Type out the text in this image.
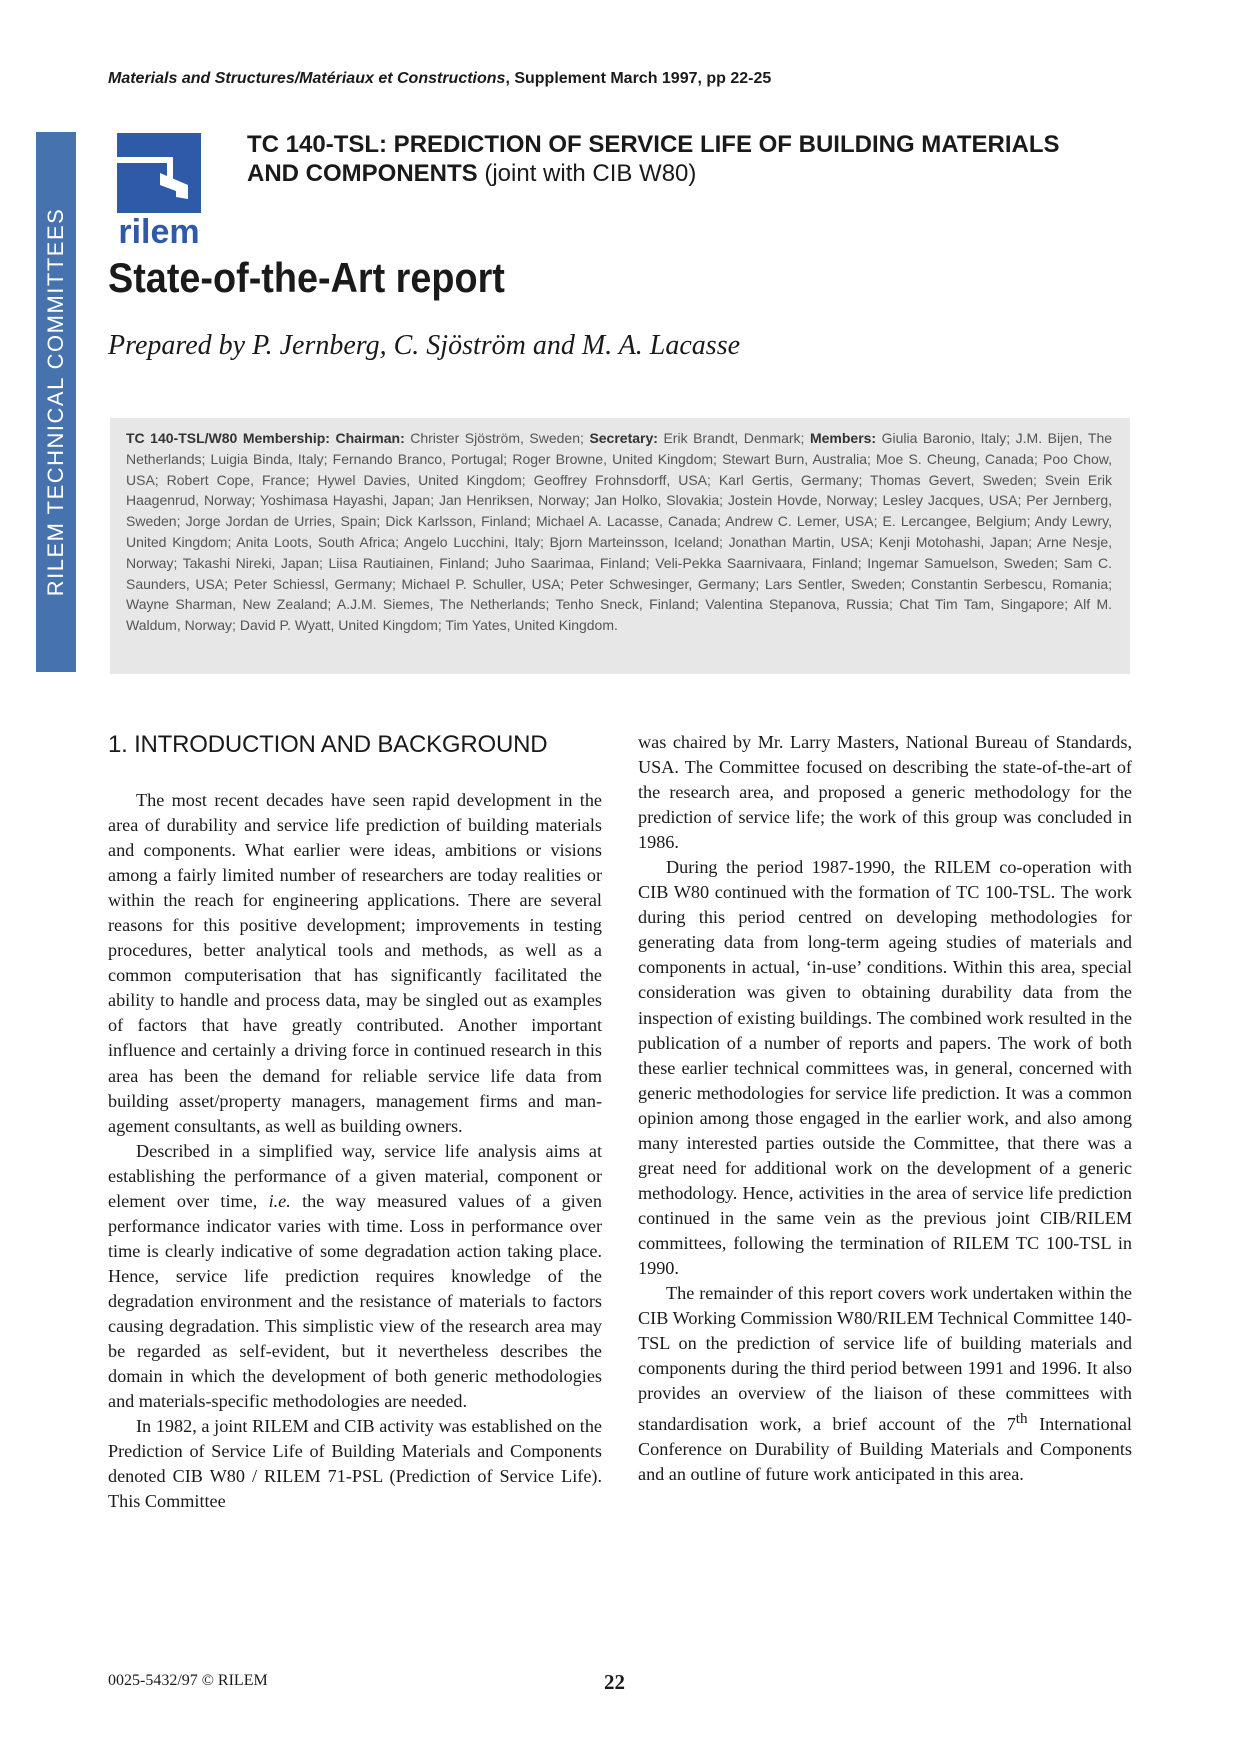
Materials and Structures/Matériaux et Constructions, Supplement March 1997, pp 22-25
RILEM TECHNICAL COMMITTEES rilem
TC 140-TSL: PREDICTION OF SERVICE LIFE OF BUILDING MATERIALS AND COMPONENTS (joint with CIB W80)
State-of-the-Art report
Prepared by P. Jernberg, C. Sjöström and M. A. Lacasse
TC 140-TSL/W80 Membership: Chairman: Christer Sjöström, Sweden; Secretary: Erik Brandt, Denmark; Members: Giulia Baronio, Italy; J.M. Bijen, The Netherlands; Luigia Binda, Italy; Fernando Branco, Portugal; Roger Browne, United Kingdom; Stewart Burn, Australia; Moe S. Cheung, Canada; Poo Chow, USA; Robert Cope, France; Hywel Davies, United Kingdom; Geoffrey Frohnsdorff, USA; Karl Gertis, Germany; Thomas Gevert, Sweden; Svein Erik Haagenrud, Norway; Yoshimasa Hayashi, Japan; Jan Henriksen, Norway; Jan Holko, Slovakia; Jostein Hovde, Norway; Lesley Jacques, USA; Per Jernberg, Sweden; Jorge Jordan de Urries, Spain; Dick Karlsson, Finland; Michael A. Lacasse, Canada; Andrew C. Lemer, USA; E. Lercangee, Belgium; Andy Lewry, United Kingdom; Anita Loots, South Africa; Angelo Lucchini, Italy; Bjorn Marteinsson, Iceland; Jonathan Martin, USA; Kenji Motohashi, Japan; Arne Nesje, Norway; Takashi Nireki, Japan; Liisa Rautiainen, Finland; Juho Saarimaa, Finland; Veli-Pekka Saarnivaara, Finland; Ingemar Samuelson, Sweden; Sam C. Saunders, USA; Peter Schiessl, Germany; Michael P. Schuller, USA; Peter Schwesinger, Germany; Lars Sentler, Sweden; Constantin Serbescu, Romania; Wayne Sharman, New Zealand; A.J.M. Siemes, The Netherlands; Tenho Sneck, Finland; Valentina Stepanova, Russia; Chat Tim Tam, Singapore; Alf M. Waldum, Norway; David P. Wyatt, United Kingdom; Tim Yates, United Kingdom.
1. INTRODUCTION AND BACKGROUND

The most recent decades have seen rapid development in the area of durability and service life prediction of building materials and components. What earlier were ideas, ambitions or visions among a fairly limited number of researchers are today realities or within the reach for engineering applications. There are several reasons for this positive development; improvements in testing procedures, better analytical tools and methods, as well as a common computerisation that has significantly facilitated the ability to handle and process data, may be singled out as examples of factors that have greatly contributed. Another important influence and certainly a driving force in continued research in this area has been the demand for reliable service life data from building asset/property managers, management firms and management consultants, as well as building owners.

Described in a simplified way, service life analysis aims at establishing the performance of a given material, component or element over time, i.e. the way measured values of a given performance indicator varies with time. Loss in performance over time is clearly indicative of some degradation action taking place. Hence, service life prediction requires knowledge of the degradation environment and the resistance of materials to factors causing degradation. This simplistic view of the research area may be regarded as self-evident, but it nevertheless describes the domain in which the development of both generic methodologies and materials-specific methodologies are needed.

In 1982, a joint RILEM and CIB activity was established on the Prediction of Service Life of Building Materials and Components denoted CIB W80 / RILEM 71-PSL (Prediction of Service Life). This Committee

was chaired by Mr. Larry Masters, National Bureau of Standards, USA. The Committee focused on describing the state-of-the-art of the research area, and proposed a generic methodology for the prediction of service life; the work of this group was concluded in 1986.

During the period 1987-1990, the RILEM co-operation with CIB W80 continued with the formation of TC 100-TSL. The work during this period centred on developing methodologies for generating data from long-term ageing studies of materials and components in actual, ‘in-use’ conditions. Within this area, special consideration was given to obtaining durability data from the inspection of existing buildings. The combined work resulted in the publication of a number of reports and papers. The work of both these earlier technical committees was, in general, concerned with generic methodologies for service life prediction. It was a common opinion among those engaged in the earlier work, and also among many interested parties outside the Committee, that there was a great need for additional work on the development of a generic methodology. Hence, activities in the area of service life prediction continued in the same vein as the previous joint CIB/RILEM committees, following the termination of RILEM TC 100-TSL in 1990.

The remainder of this report covers work undertaken within the CIB Working Commission W80/RILEM Technical Committee 140-TSL on the prediction of service life of building materials and components during the third period between 1991 and 1996. It also provides an overview of the liaison of these committees with standardisation work, a brief account of the 7th International Conference on Durability of Building Materials and Components and an outline of future work anticipated in this area.

0025-5432/97 © RILEM	22
